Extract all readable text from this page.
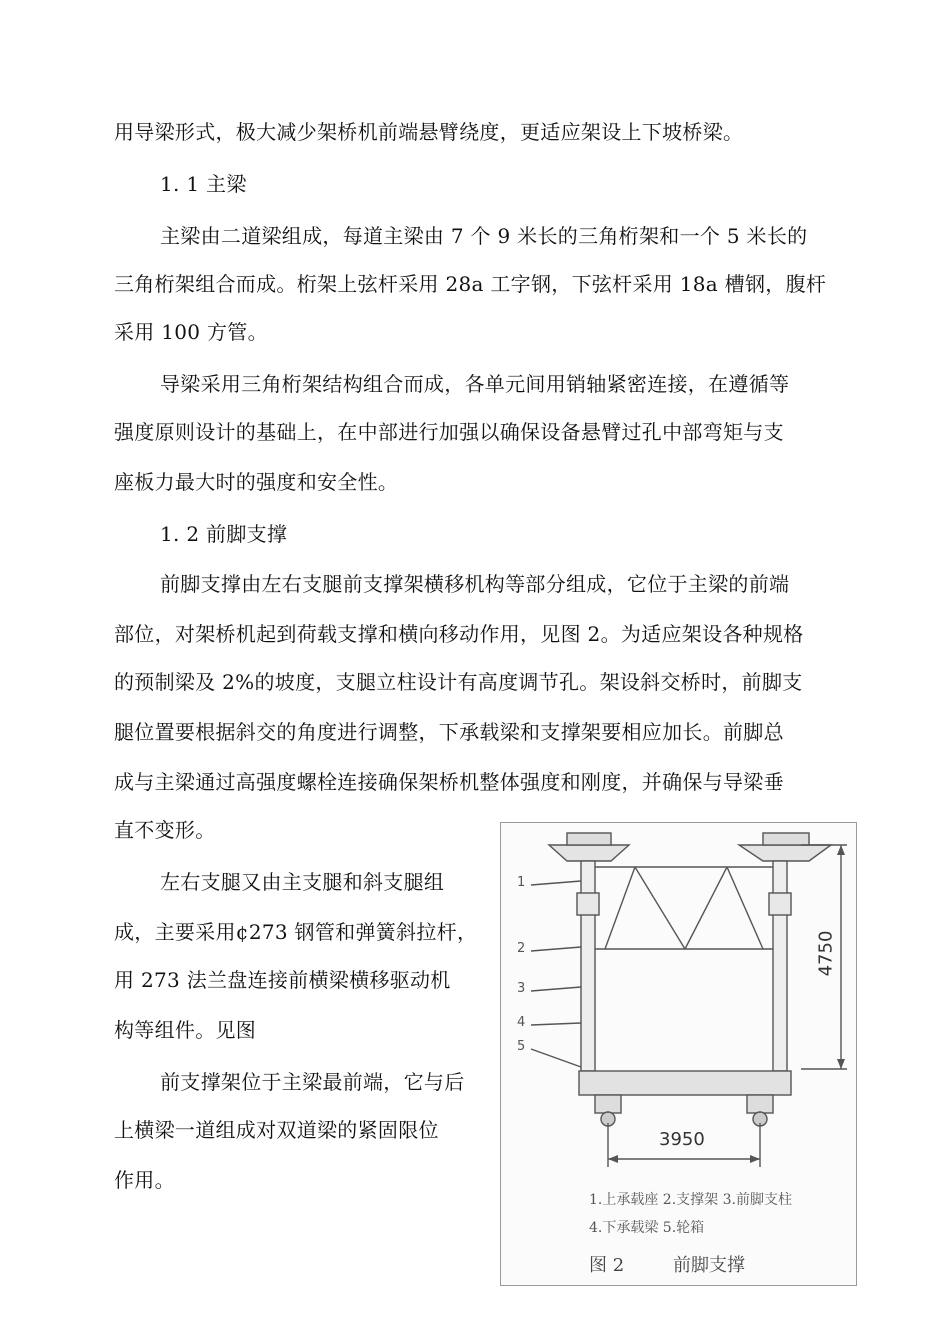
用导梁形式，极大减少架桥机前端悬臂绕度，更适应架设上下坡桥梁。
1. 1 主梁
主梁由二道梁组成，每道主梁由 7 个 9 米长的三角桁架和一个 5 米长的
三角桁架组合而成。桁架上弦杆采用 28a 工字钢，下弦杆采用 18a 槽钢，腹杆
采用 100 方管。
导梁采用三角桁架结构组合而成，各单元间用销轴紧密连接，在遵循等
强度原则设计的基础上，在中部进行加强以确保设备悬臂过孔中部弯矩与支
座板力最大时的强度和安全性。
1. 2 前脚支撑
前脚支撑由左右支腿前支撑架横移机构等部分组成，它位于主梁的前端
部位，对架桥机起到荷载支撑和横向移动作用，见图 2。为适应架设各种规格
的预制梁及 2%的坡度，支腿立柱设计有高度调节孔。架设斜交桥时，前脚支
腿位置要根据斜交的角度进行调整，下承载梁和支撑架要相应加长。前脚总
成与主梁通过高强度螺栓连接确保架桥机整体强度和刚度，并确保与导梁垂
直不变形。
左右支腿又由主支腿和斜支腿组
成，主要采用¢273 钢管和弹簧斜拉杆，
用 273 法兰盘连接前横梁横移驱动机
构等组件。见图
前支撑架位于主梁最前端，它与后
上横梁一道组成对双道梁的紧固限位
作用。
1
2
3
4
5
4750
3950
1.上承载座 2.支撑架 3.前脚支柱
4.下承载梁 5.轮箱
图 2	前脚支撑
